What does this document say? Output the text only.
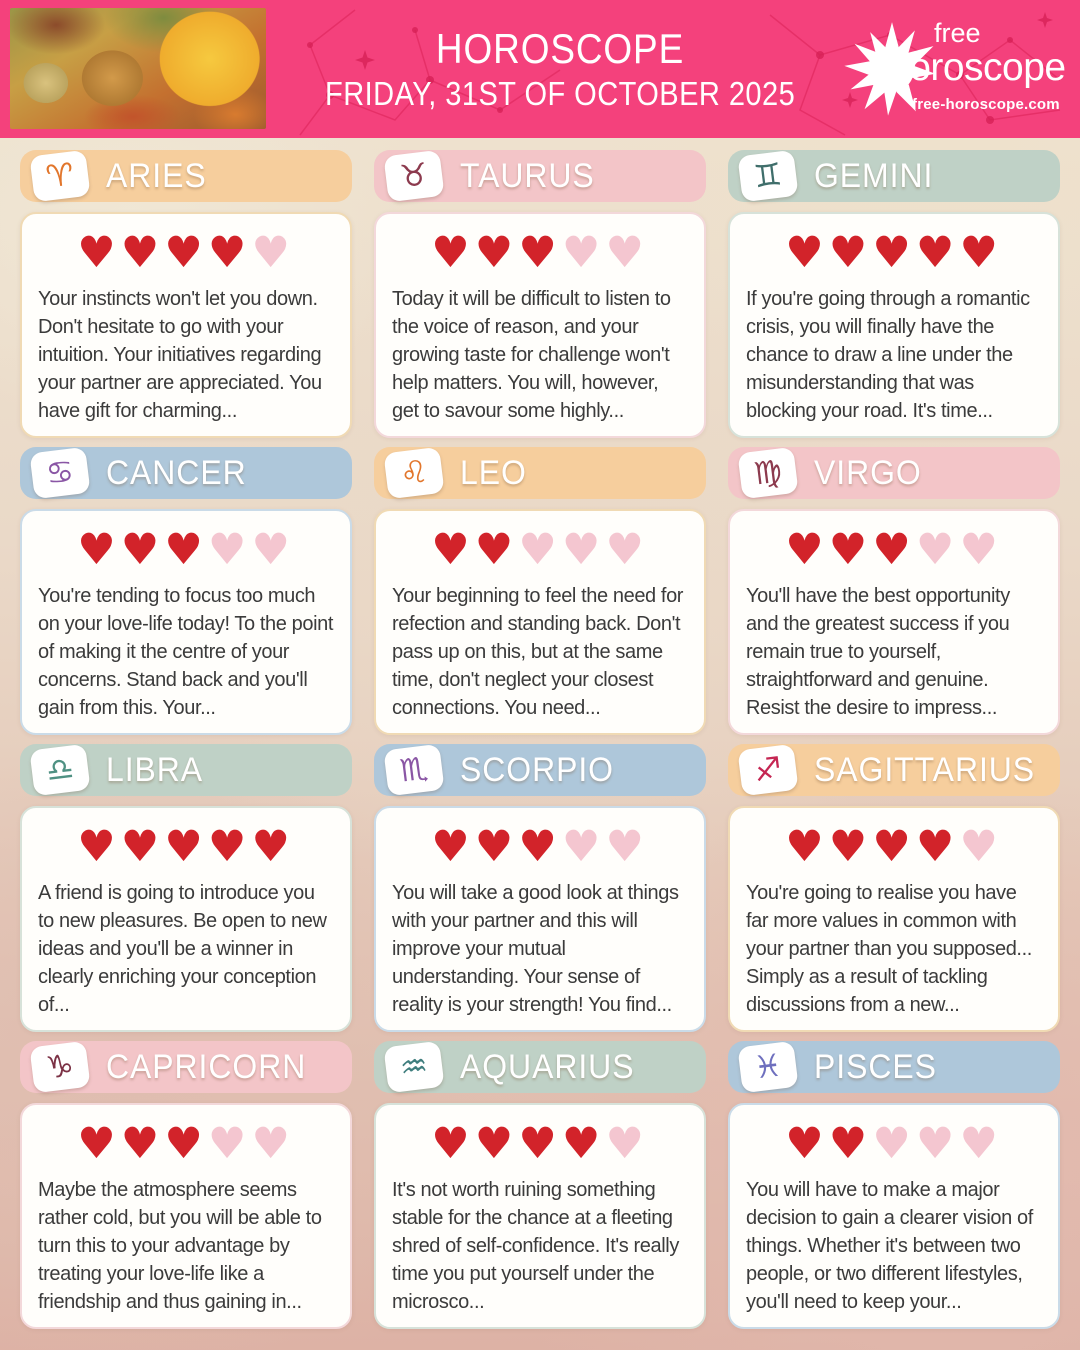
HOROSCOPE
FRIDAY, 31ST OF OCTOBER 2025
free
horoscope
free-horoscope.com
♈ ARIES
♥♥♥♥♥

Your instincts won't let you down. Don't hesitate to go with your intuition. Your initiatives regarding your partner are appreciated. You have gift for charming...

♉ TAURUS
♥♥♥♥♥

Today it will be difficult to listen to the voice of reason, and your growing taste for challenge won't help matters. You will, however, get to savour some highly...

♊ GEMINI
♥♥♥♥♥

If you're going through a romantic crisis, you will finally have the chance to draw a line under the misunderstanding that was blocking your road. It's time...

♋ CANCER
♥♥♥♥♥

You're tending to focus too much on your love-life today! To the point of making it the centre of your concerns. Stand back and you'll gain from this. Your...

♌ LEO
♥♥♥♥♥

Your beginning to feel the need for refection and standing back. Don't pass up on this, but at the same time, don't neglect your closest connections. You need...

♍ VIRGO
♥♥♥♥♥

You'll have the best opportunity and the greatest success if you remain true to yourself, straightforward and genuine. Resist the desire to impress...

♎ LIBRA
♥♥♥♥♥

A friend is going to introduce you to new pleasures. Be open to new ideas and you'll be a winner in clearly enriching your conception of...

♏ SCORPIO
♥♥♥♥♥

You will take a good look at things with your partner and this will improve your mutual understanding. Your sense of reality is your strength! You find...

♐ SAGITTARIUS
♥♥♥♥♥

You're going to realise you have far more values in common with your partner than you supposed... Simply as a result of tackling discussions from a new...

♑ CAPRICORN
♥♥♥♥♥

Maybe the atmosphere seems rather cold, but you will be able to turn this to your advantage by treating your love-life like a friendship and thus gaining in...

♒ AQUARIUS
♥♥♥♥♥

It's not worth ruining something stable for the chance at a fleeting shred of self-confidence. It's really time you put yourself under the microsco...

♓ PISCES
♥♥♥♥♥

You will have to make a major decision to gain a clearer vision of things. Whether it's between two people, or two different lifestyles, you'll need to keep your...
